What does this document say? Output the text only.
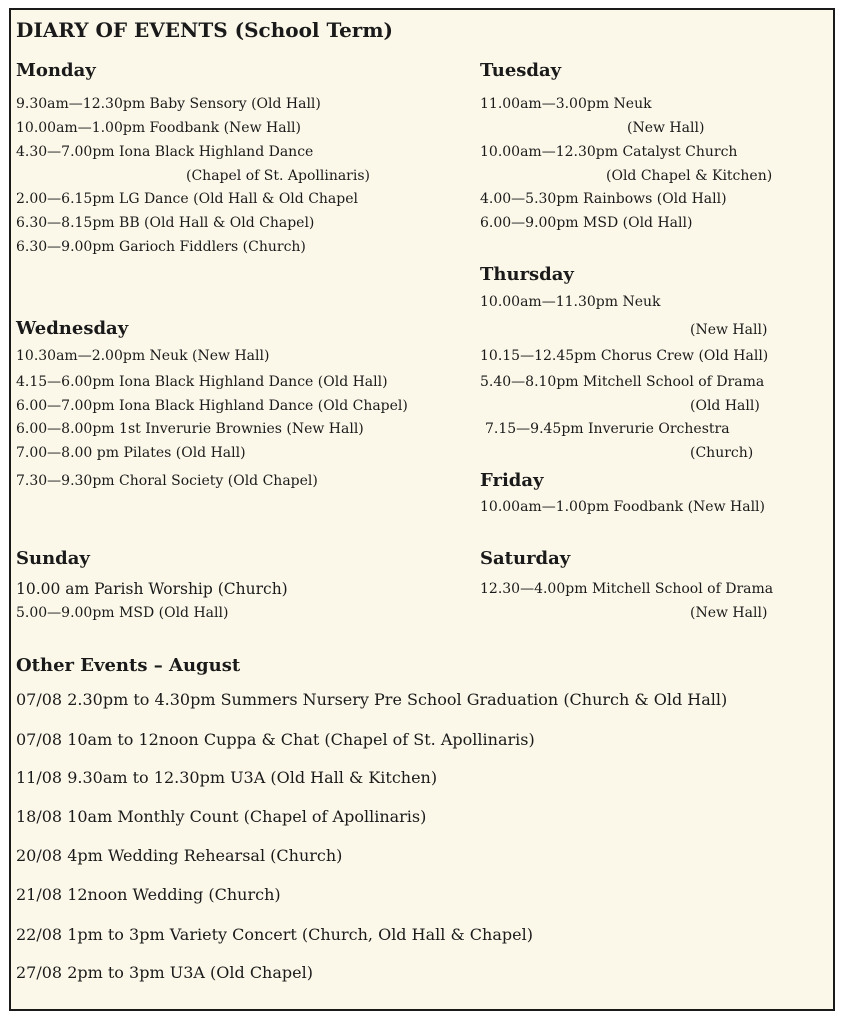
DIARY OF EVENTS (School Term)
Monday
9.30am—12.30pm Baby Sensory (Old Hall)
10.00am—1.00pm Foodbank (New Hall)
4.30—7.00pm Iona Black Highland Dance
(Chapel of St. Apollinaris)
2.00—6.15pm LG Dance (Old Hall & Old Chapel
6.30—8.15pm BB (Old Hall & Old Chapel)
6.30—9.00pm Garioch Fiddlers (Church)
Tuesday
11.00am—3.00pm Neuk
(New Hall)
10.00am—12.30pm Catalyst Church
(Old Chapel & Kitchen)
4.00—5.30pm Rainbows (Old Hall)
6.00—9.00pm MSD (Old Hall)
Thursday
10.00am—11.30pm Neuk
(New Hall)
10.15—12.45pm Chorus Crew (Old Hall)
5.40—8.10pm Mitchell School of Drama
(Old Hall)
7.15—9.45pm Inverurie Orchestra
(Church)
Wednesday
10.30am—2.00pm Neuk (New Hall)
4.15—6.00pm Iona Black Highland Dance (Old Hall)
6.00—7.00pm Iona Black Highland Dance (Old Chapel)
6.00—8.00pm 1st Inverurie Brownies (New Hall)
7.00—8.00 pm Pilates (Old Hall)
7.30—9.30pm Choral Society (Old Chapel)	Friday
10.00am—1.00pm Foodbank (New Hall)
Sunday
10.00 am Parish Worship (Church)
5.00—9.00pm MSD (Old Hall)
Saturday
12.30—4.00pm Mitchell School of Drama
(New Hall)
Other Events – August
07/08 2.30pm to 4.30pm Summers Nursery Pre School Graduation (Church & Old Hall)
07/08 10am to 12noon Cuppa & Chat (Chapel of St. Apollinaris)
11/08 9.30am to 12.30pm U3A (Old Hall & Kitchen)
18/08 10am Monthly Count (Chapel of Apollinaris)
20/08 4pm Wedding Rehearsal (Church)
21/08 12noon Wedding (Church)
22/08 1pm to 3pm Variety Concert (Church, Old Hall & Chapel)
27/08 2pm to 3pm U3A (Old Chapel)
